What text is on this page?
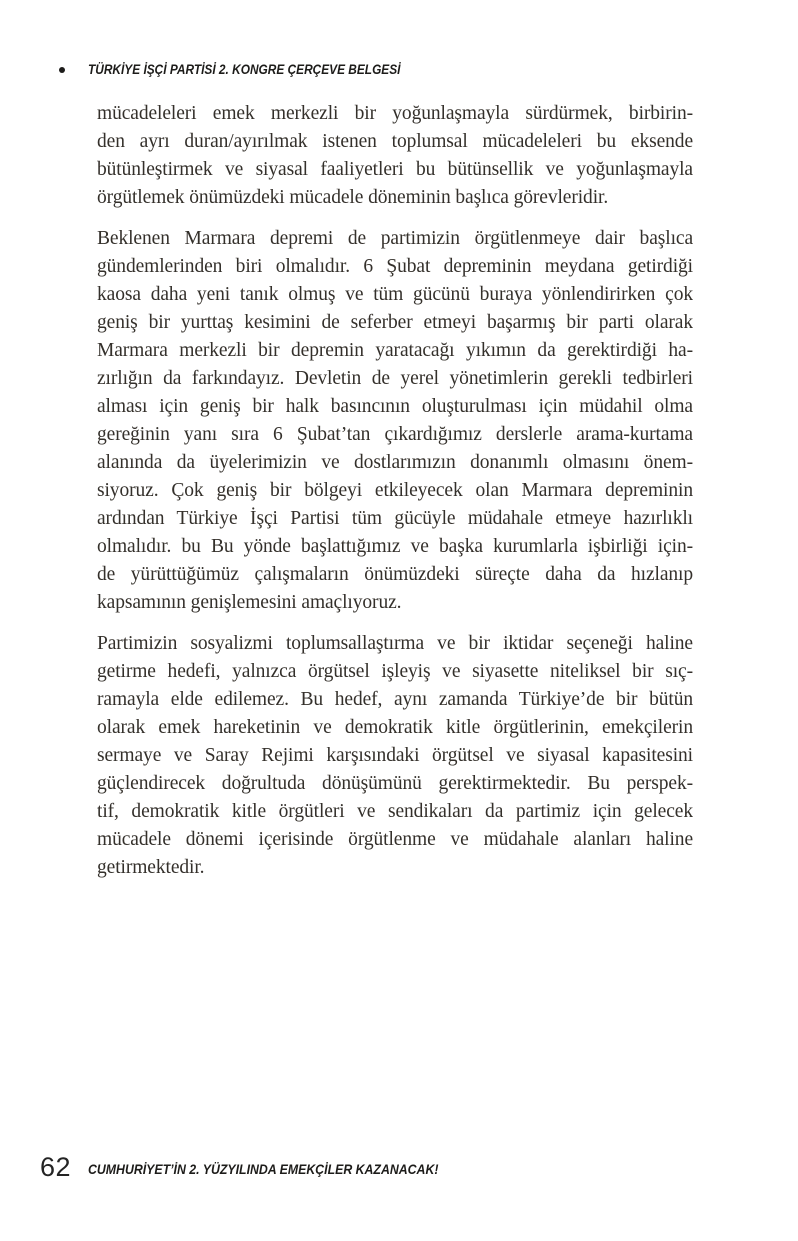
TÜRKİYE İŞÇİ PARTİSİ 2. KONGRE ÇERÇEVE BELGESİ
mücadeleleri emek merkezli bir yoğunlaşmayla sürdürmek, birbirin-
den ayrı duran/ayırılmak istenen toplumsal mücadeleleri bu eksende
bütünleştirmek ve siyasal faaliyetleri bu bütünsellik ve yoğunlaşmayla
örgütlemek önümüzdeki mücadele döneminin başlıca görevleridir.
Beklenen Marmara depremi de partimizin örgütlenmeye dair başlıca
gündemlerinden biri olmalıdır. 6 Şubat depreminin meydana getirdiği
kaosa daha yeni tanık olmuş ve tüm gücünü buraya yönlendirirken çok
geniş bir yurttaş kesimini de seferber etmeyi başarmış bir parti olarak
Marmara merkezli bir depremin yaratacağı yıkımın da gerektirdiği ha-
zırlığın da farkındayız. Devletin de yerel yönetimlerin gerekli tedbirleri
alması için geniş bir halk basıncının oluşturulması için müdahil olma
gereğinin yanı sıra 6 Şubat’tan çıkardığımız derslerle arama-kurtama
alanında da üyelerimizin ve dostlarımızın donanımlı olmasını önem-
siyoruz. Çok geniş bir bölgeyi etkileyecek olan Marmara depreminin
ardından Türkiye İşçi Partisi tüm gücüyle müdahale etmeye hazırlıklı
olmalıdır. bu Bu yönde başlattığımız ve başka kurumlarla işbirliği için-
de yürüttüğümüz çalışmaların önümüzdeki süreçte daha da hızlanıp
kapsamının genişlemesini amaçlıyoruz.
Partimizin sosyalizmi toplumsallaştırma ve bir iktidar seçeneği haline
getirme hedefi, yalnızca örgütsel işleyiş ve siyasette niteliksel bir sıç-
ramayla elde edilemez. Bu hedef, aynı zamanda Türkiye’de bir bütün
olarak emek hareketinin ve demokratik kitle örgütlerinin, emekçilerin
sermaye ve Saray Rejimi karşısındaki örgütsel ve siyasal kapasitesini
güçlendirecek doğrultuda dönüşümünü gerektirmektedir. Bu perspek-
tif, demokratik kitle örgütleri ve sendikaları da partimiz için gelecek
mücadele dönemi içerisinde örgütlenme ve müdahale alanları haline
getirmektedir.
62 CUMHURİYET’İN 2. YÜZYILINDA EMEKÇİLER KAZANACAK!
